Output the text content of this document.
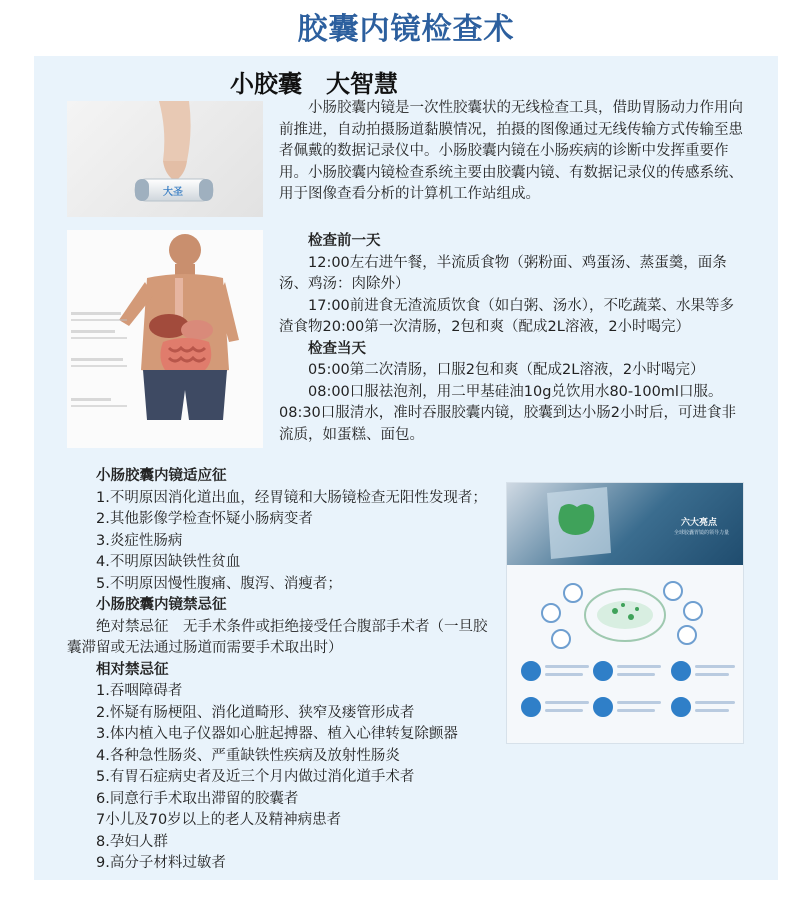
胶囊内镜检查术
小胶囊　大智慧
大圣

小肠胶囊内镜是一次性胶囊状的无线检查工具，借助胃肠动力作用向前推进，自动拍摄肠道黏膜情况，拍摄的图像通过无线传输方式传输至患者佩戴的数据记录仪中。小肠胶囊内镜在小肠疾病的诊断中发挥重要作用。小肠胶囊内镜检查系统主要由胶囊内镜、有数据记录仪的传感系统、用于图像查看分析的计算机工作站组成。

检查前一天

12:00左右进午餐，半流质食物（粥粉面、鸡蛋汤、蒸蛋羹，面条汤、鸡汤：肉除外）

17:00前进食无渣流质饮食（如白粥、汤水），不吃蔬菜、水果等多渣食物20:00第一次清肠，2包和爽（配成2L溶液，2小时喝完）

检查当天

05:00第二次清肠，口服2包和爽（配成2L溶液，2小时喝完）

08:00口服祛泡剂，用二甲基硅油10g兑饮用水80-100ml口服。08:30口服清水，准时吞服胶囊内镜，胶囊到达小肠2小时后，可进食非流质，如蛋糕、面包。

小肠胶囊内镜适应征

1.不明原因消化道出血，经胃镜和大肠镜检查无阳性发现者；

2.其他影像学检查怀疑小肠病变者

3.炎症性肠病

4.不明原因缺铁性贫血

5.不明原因慢性腹痛、腹泻、消瘦者；

小肠胶囊内镜禁忌征

绝对禁忌征　无手术条件或拒绝接受任合腹部手术者（一旦胶囊滞留或无法通过肠道而需要手术取出时）

相对禁忌征

1.吞咽障碍者

2.怀疑有肠梗阻、消化道畸形、狭窄及瘘管形成者

3.体内植入电子仪器如心脏起搏器、植入心律转复除颤器

4.各种急性肠炎、严重缺铁性疾病及放射性肠炎

5.有胃石症病史者及近三个月内做过消化道手术者

6.同意行手术取出滞留的胶囊者

7小儿及70岁以上的老人及精神病患者

8.孕妇人群

9.高分子材料过敏者

六大亮点
全球胶囊胃镜的领导力量
